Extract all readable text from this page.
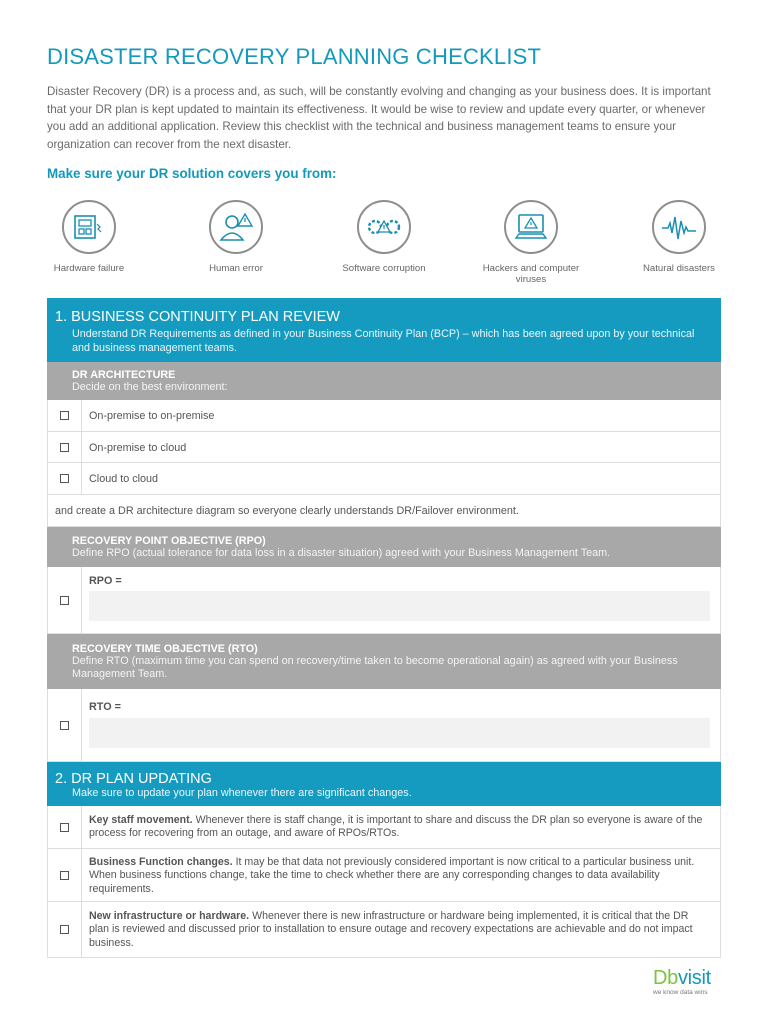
DISASTER RECOVERY PLANNING CHECKLIST
Disaster Recovery (DR) is a process and, as such, will be constantly evolving and changing as your business does. It is important that your DR plan is kept updated to maintain its effectiveness. It would be wise to review and update every quarter, or whenever you add an additional application. Review this checklist with the technical and business management teams to ensure your organization can recover from the next disaster.
Make sure your DR solution covers you from:
Hardware failure	Human error	Software corruption	Hackers and computer viruses
Natural disasters
1. BUSINESS CONTINUITY PLAN REVIEW
Understand DR Requirements as defined in your Business Continuity Plan (BCP) – which has been agreed upon by your technical and business management teams.
DR ARCHITECTURE
Decide on the best environment:
On-premise to on-premise
On-premise to cloud
Cloud to cloud
and create a DR architecture diagram so everyone clearly understands DR/Failover environment.
RECOVERY POINT OBJECTIVE (RPO)
Define RPO (actual tolerance for data loss in a disaster situation) agreed with your Business Management Team.
RPO =
RECOVERY TIME OBJECTIVE (RTO)
Define RTO (maximum time you can spend on recovery/time taken to become operational again) as agreed with your Business Management Team.
RTO =
2. DR PLAN UPDATING
Make sure to update your plan whenever there are significant changes.
Key staff movement. Whenever there is staff change, it is important to share and discuss the DR plan so everyone is aware of the process for recovering from an outage, and aware of RPOs/RTOs.
Business Function changes. It may be that data not previously considered important is now critical to a particular business unit. When business functions change, take the time to check whether there are any corresponding changes to data availability requirements.
New infrastructure or hardware. Whenever there is new infrastructure or hardware being implemented, it is critical that the DR plan is reviewed and discussed prior to installation to ensure outage and recovery expectations are achievable and do not impact business.
Dbvisit
we know data wins
